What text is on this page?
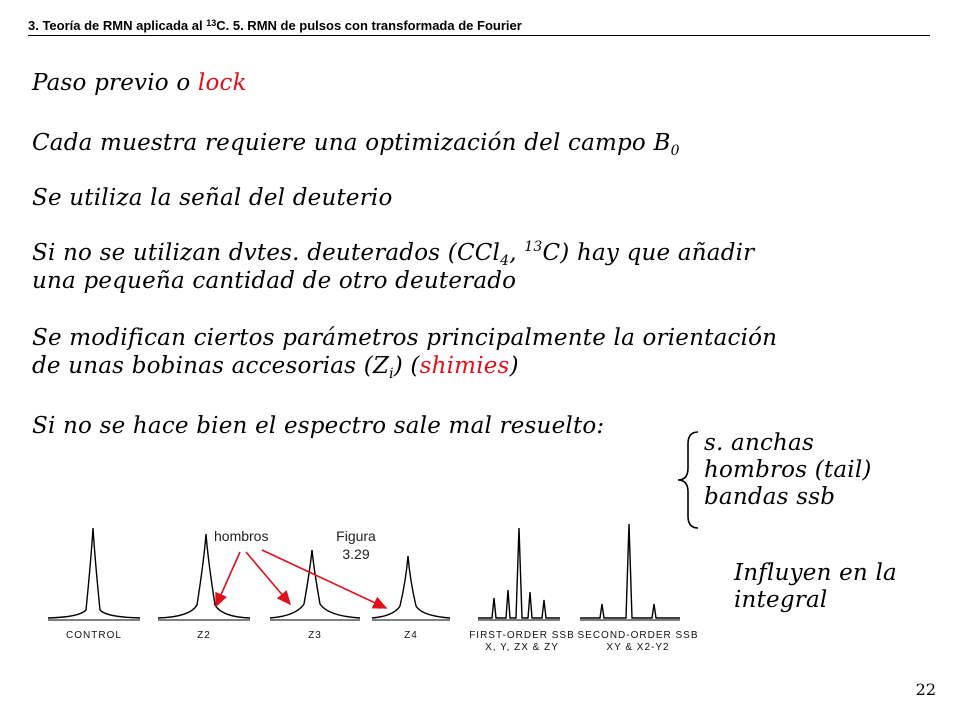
3. Teoría de RMN aplicada al $^{13}$C. 5. RMN de pulsos con transformada de Fourier
Paso previo o lock
Cada muestra requiere una optimización del campo $B_0$
Se utiliza la señal del deuterio
Si no se utilizan dvtes. deuterados (CCl$_4$, $^{13}$C) hay que añadir
una pequeña cantidad de otro deuterado
Se modifican ciertos parámetros principalmente la orientación
de unas bobinas accesorias $(Z_i)$ (shimies)
Si no se hace bien el espectro sale mal resuelto:
s. anchas
hombros (tail)
bandas ssb
Influyen en la
integral
hombros	Figura
3.29
CONTROL	Z2	Z3	Z4	FIRST-ORDER SSB
X, Y, ZX & ZY
SECOND-ORDER SSB
XY & X2-Y2
22
